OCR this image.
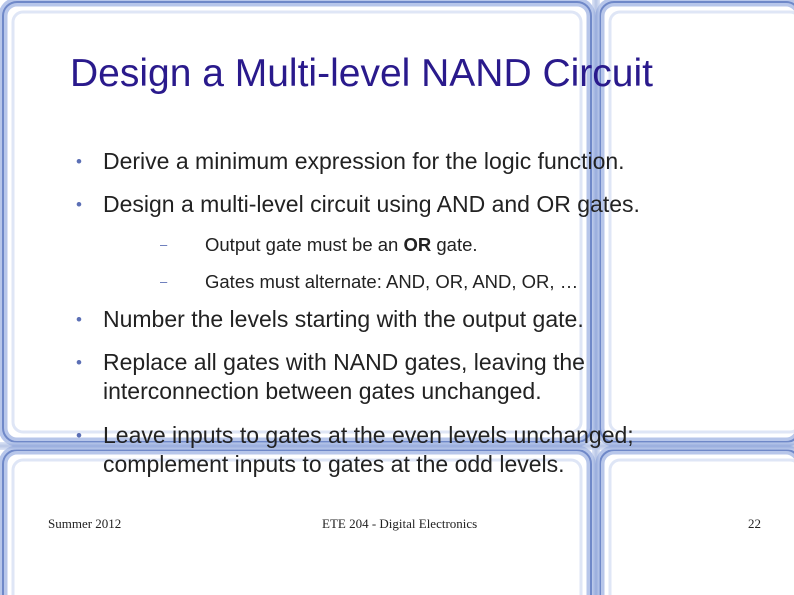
Design a Multi-level NAND Circuit
• Derive a minimum expression for the logic function.
• Design a multi-level circuit using AND and OR gates.
– Output gate must be an OR gate.
– Gates must alternate: AND, OR, AND, OR, …
• Number the levels starting with the output gate.
• Replace all gates with NAND gates, leaving the
interconnection between gates unchanged.
• Leave inputs to gates at the even levels unchanged;
complement inputs to gates at the odd levels.
Summer 2012	ETE 204 - Digital Electronics	22
